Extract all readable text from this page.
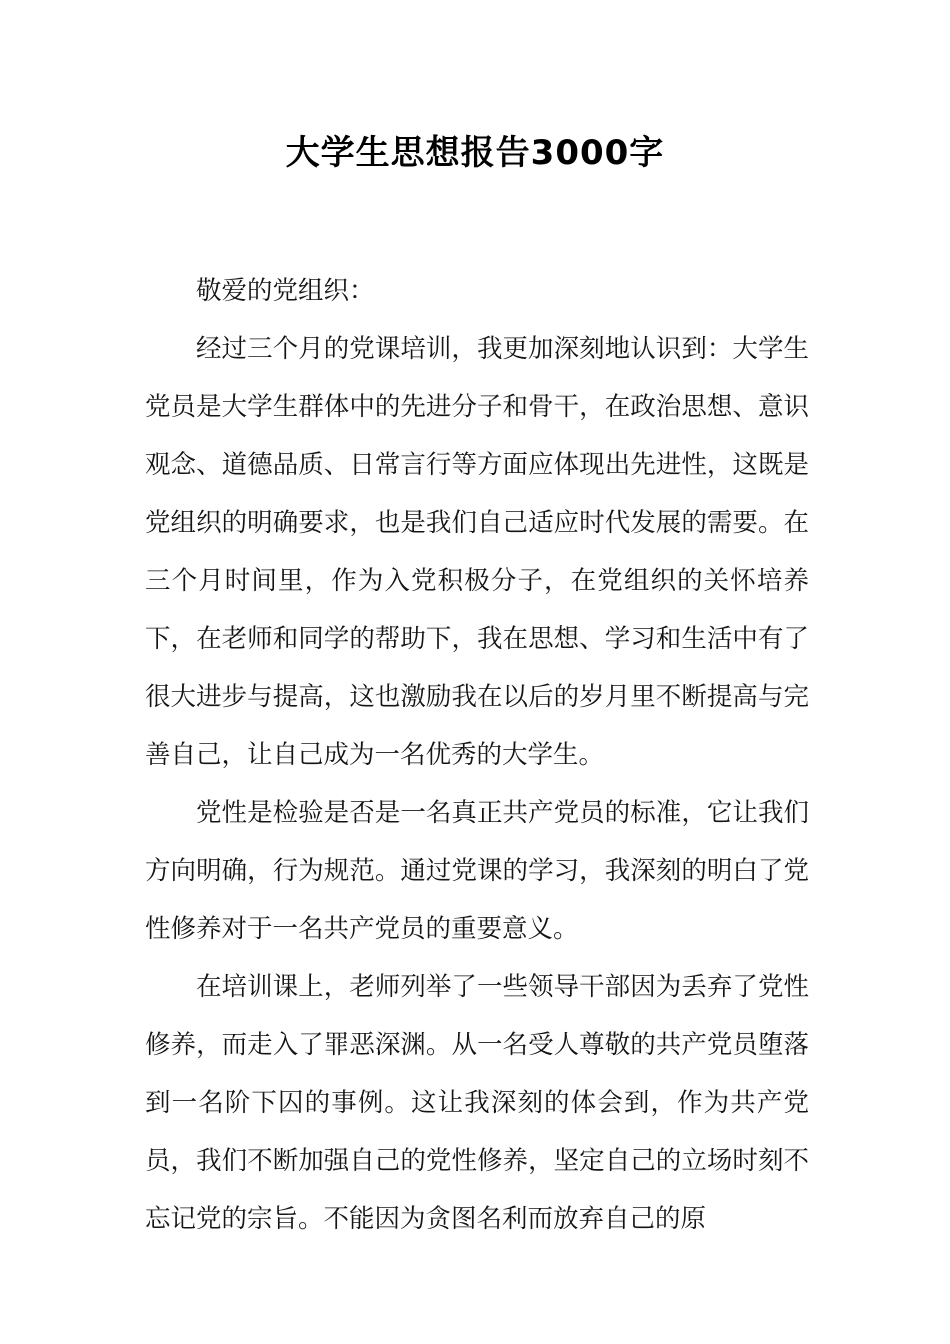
大学生思想报告3000字

敬爱的党组织：

经过三个月的党课培训，我更加深刻地认识到：大学生党员是大学生群体中的先进分子和骨干，在政治思想、意识观念、道德品质、日常言行等方面应体现出先进性，这既是党组织的明确要求，也是我们自己适应时代发展的需要。在三个月时间里，作为入党积极分子，在党组织的关怀培养下，在老师和同学的帮助下，我在思想、学习和生活中有了很大进步与提高，这也激励我在以后的岁月里不断提高与完善自己，让自己成为一名优秀的大学生。

党性是检验是否是一名真正共产党员的标准，它让我们方向明确，行为规范。通过党课的学习，我深刻的明白了党性修养对于一名共产党员的重要意义。

在培训课上，老师列举了一些领导干部因为丢弃了党性修养，而走入了罪恶深渊。从一名受人尊敬的共产党员堕落到一名阶下囚的事例。这让我深刻的体会到，作为共产党员，我们不断加强自己的党性修养，坚定自己的立场时刻不忘记党的宗旨。不能因为贪图名利而放弃自己的原
